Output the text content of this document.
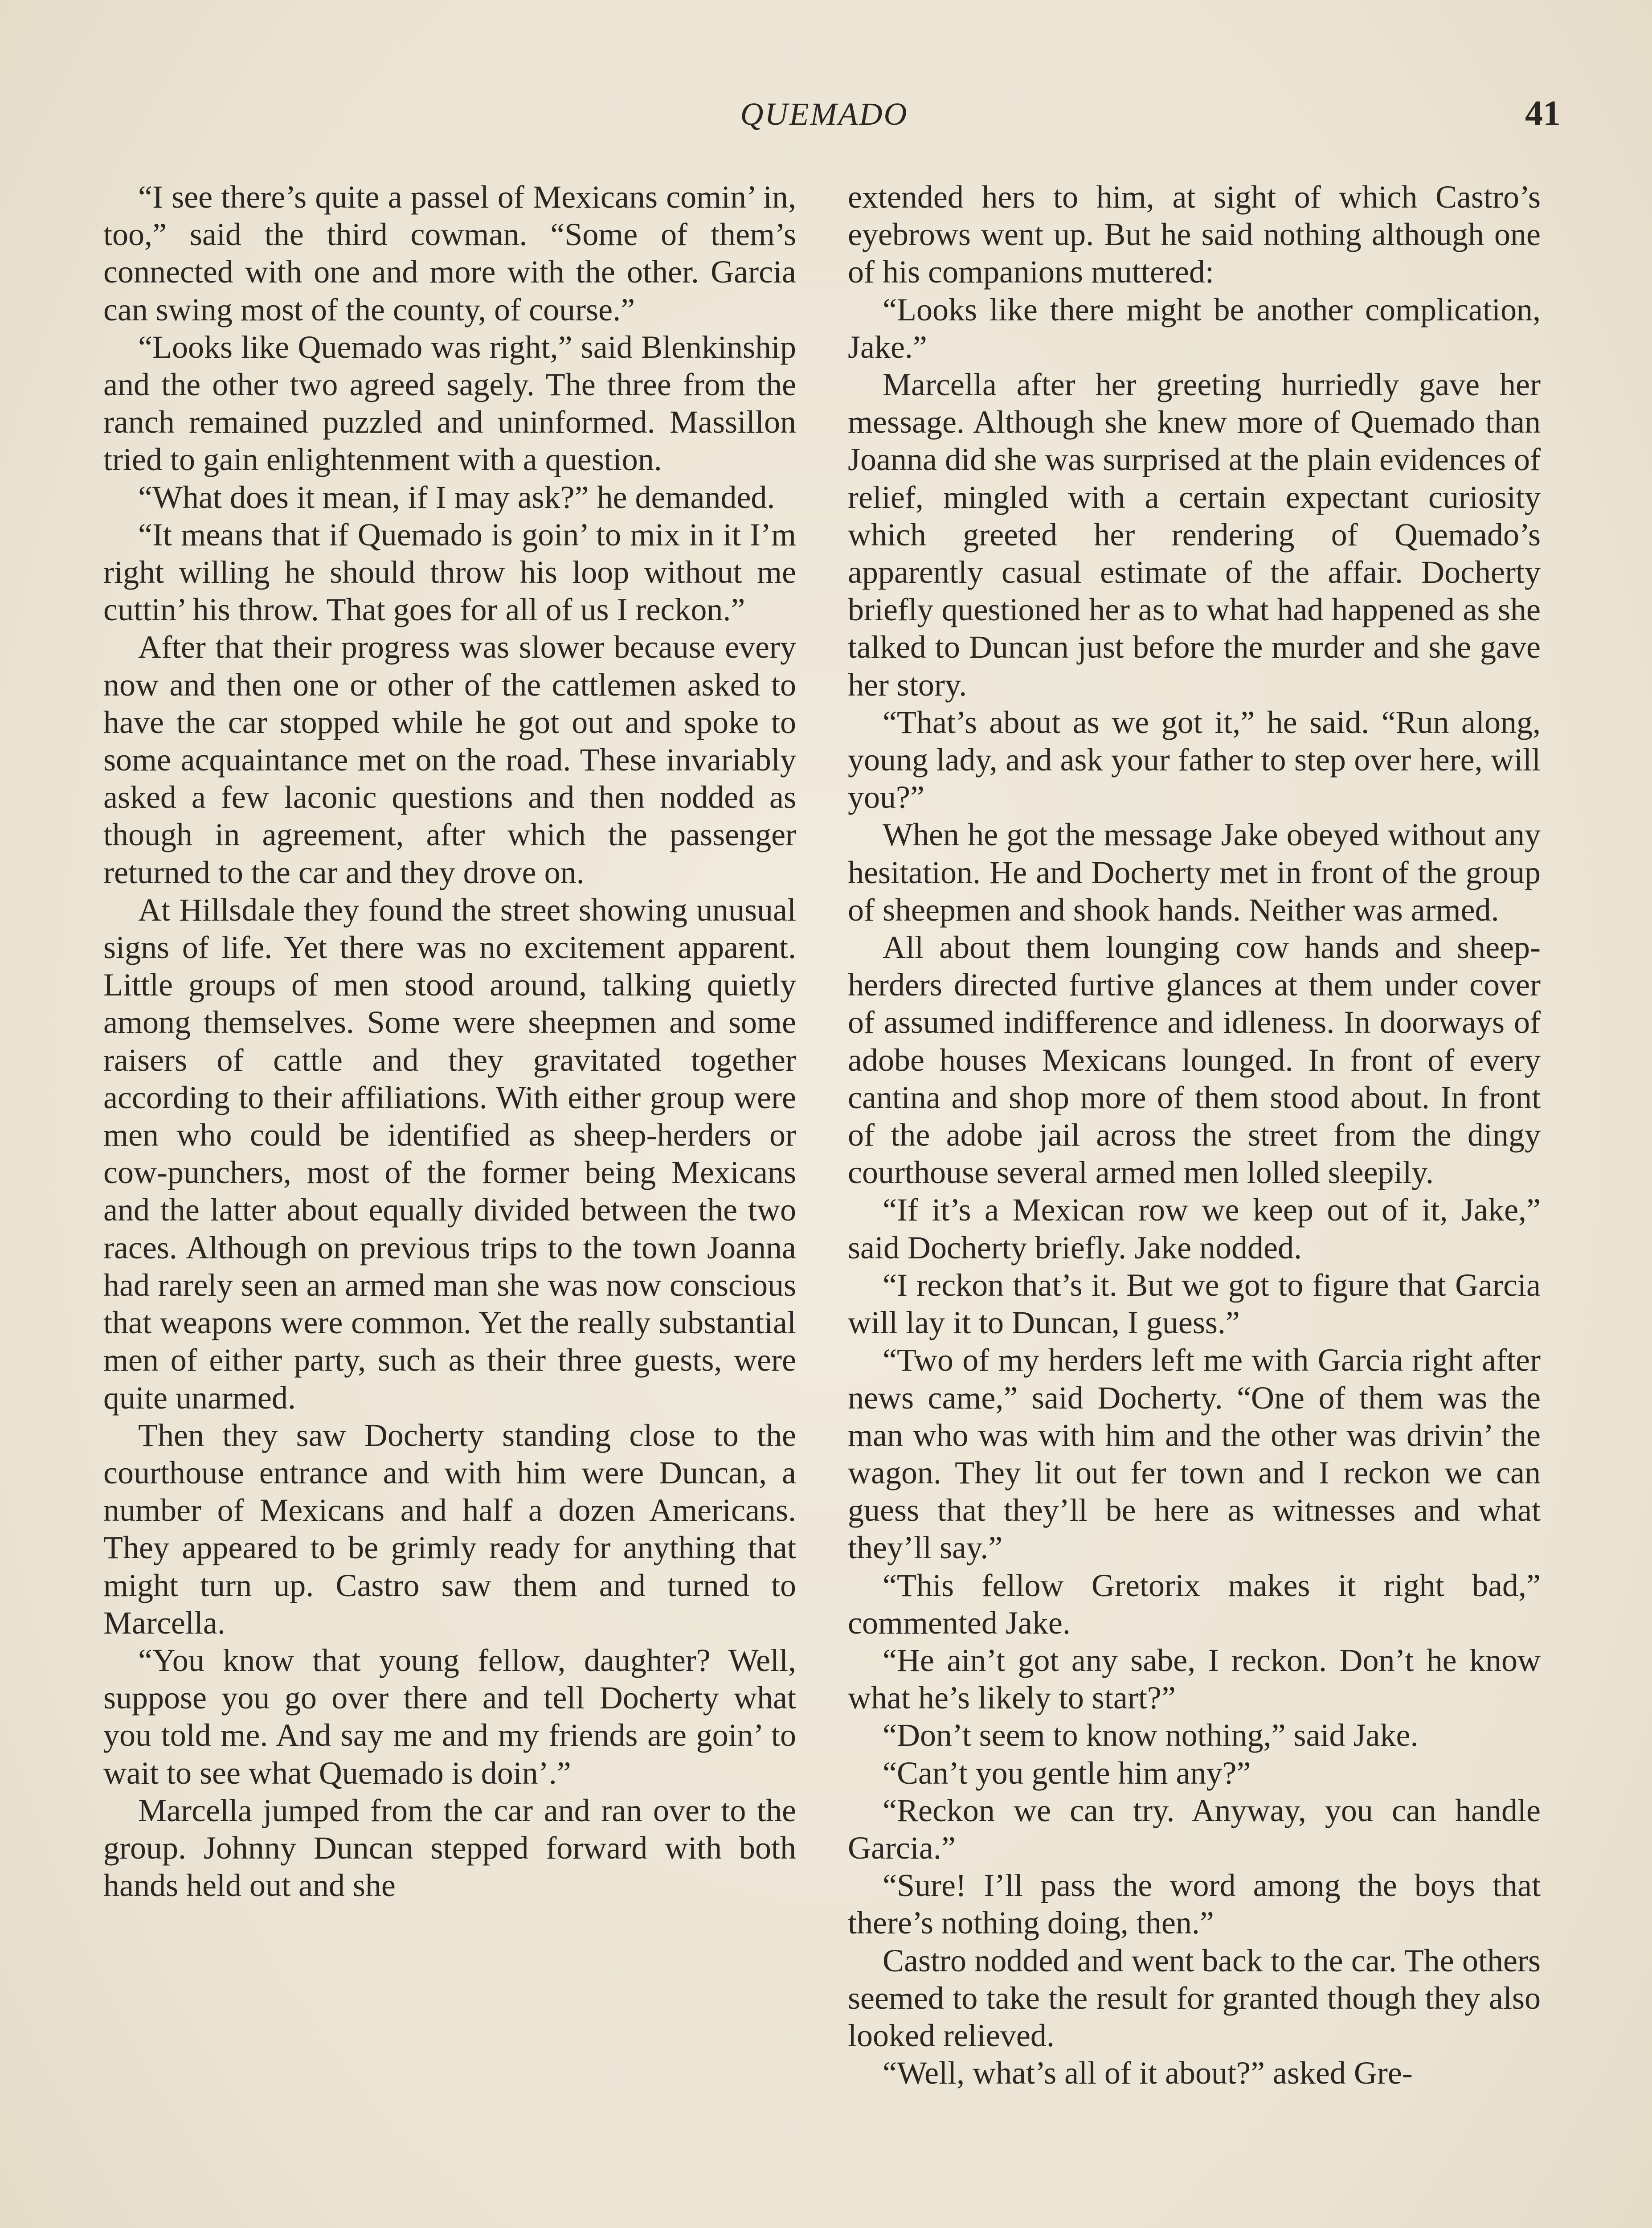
QUEMADO	41

“I see there’s quite a passel of Mexicans comin’ in, too,” said the third cowman. “Some of them’s connected with one and more with the other. Garcia can swing most of the county, of course.”

“Looks like Quemado was right,” said Blenkinship and the other two agreed sagely. The three from the ranch remained puzzled and uninformed. Massillon tried to gain enlightenment with a question.

“What does it mean, if I may ask?” he demanded.

“It means that if Quemado is goin’ to mix in it I’m right willing he should throw his loop without me cuttin’ his throw. That goes for all of us I reckon.”

After that their progress was slower because every now and then one or other of the cattlemen asked to have the car stopped while he got out and spoke to some acquaintance met on the road. These invariably asked a few laconic questions and then nodded as though in agreement, after which the passenger returned to the car and they drove on.

At Hillsdale they found the street showing unusual signs of life. Yet there was no excitement apparent. Little groups of men stood around, talking quietly among themselves. Some were sheepmen and some raisers of cattle and they gravitated together according to their affiliations. With either group were men who could be identified as sheep-herders or cow-punchers, most of the former being Mexicans and the latter about equally divided between the two races. Although on previous trips to the town Joanna had rarely seen an armed man she was now conscious that weapons were common. Yet the really substantial men of either party, such as their three guests, were quite unarmed.

Then they saw Docherty standing close to the courthouse entrance and with him were Duncan, a number of Mexicans and half a dozen Americans. They appeared to be grimly ready for anything that might turn up. Castro saw them and turned to Marcella.

“You know that young fellow, daughter? Well, suppose you go over there and tell Docherty what you told me. And say me and my friends are goin’ to wait to see what Quemado is doin’.”

Marcella jumped from the car and ran over to the group. Johnny Duncan stepped forward with both hands held out and she

extended hers to him, at sight of which Castro’s eyebrows went up. But he said nothing although one of his companions muttered:

“Looks like there might be another complication, Jake.”

Marcella after her greeting hurriedly gave her message. Although she knew more of Quemado than Joanna did she was surprised at the plain evidences of relief, mingled with a certain expectant curiosity which greeted her rendering of Quemado’s apparently casual estimate of the affair. Docherty briefly questioned her as to what had happened as she talked to Duncan just before the murder and she gave her story.

“That’s about as we got it,” he said. “Run along, young lady, and ask your father to step over here, will you?”

When he got the message Jake obeyed without any hesitation. He and Docherty met in front of the group of sheepmen and shook hands. Neither was armed.

All about them lounging cow hands and sheep-herders directed furtive glances at them under cover of assumed indifference and idleness. In doorways of adobe houses Mexicans lounged. In front of every cantina and shop more of them stood about. In front of the adobe jail across the street from the dingy courthouse several armed men lolled sleepily.

“If it’s a Mexican row we keep out of it, Jake,” said Docherty briefly. Jake nodded.

“I reckon that’s it. But we got to figure that Garcia will lay it to Duncan, I guess.”

“Two of my herders left me with Garcia right after news came,” said Docherty. “One of them was the man who was with him and the other was drivin’ the wagon. They lit out fer town and I reckon we can guess that they’ll be here as witnesses and what they’ll say.”

“This fellow Gretorix makes it right bad,” commented Jake.

“He ain’t got any sabe, I reckon. Don’t he know what he’s likely to start?”

“Don’t seem to know nothing,” said Jake.

“Can’t you gentle him any?”

“Reckon we can try. Anyway, you can handle Garcia.”

“Sure! I’ll pass the word among the boys that there’s nothing doing, then.”

Castro nodded and went back to the car. The others seemed to take the result for granted though they also looked relieved.

“Well, what’s all of it about?” asked Gre-
